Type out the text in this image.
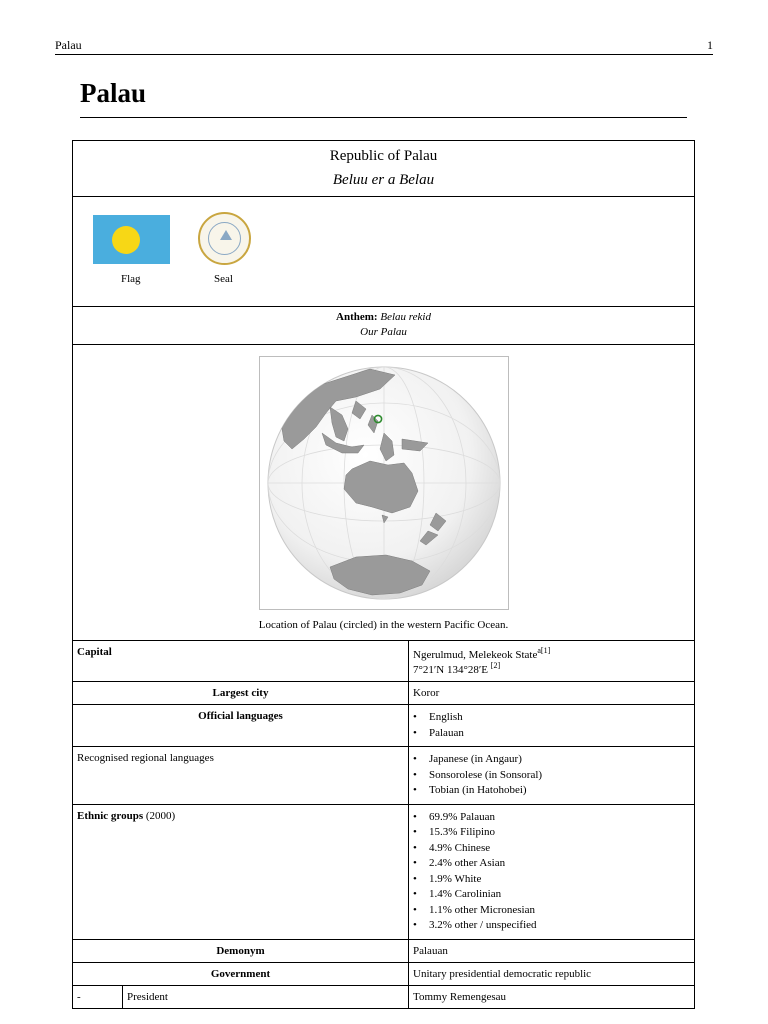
Palau	1
Palau
Republic of Palau
Beluu er a Belau
Flag	Seal
Anthem: Belau rekid
Our Palau
Location of Palau (circled) in the western Pacific Ocean.
Capital	Ngerulmud, Melekeok State$^{a[1]}$
7°21′N 134°28′E [2]
Largest city	Koror
Official languages	• English
• Palauan
Recognised regional languages	• Japanese (in Angaur)
• Sonsorolese (in Sonsoral)
• Tobian (in Hatohobei)
Ethnic groups (2000)	• 69.9% Palauan
• 15.3% Filipino
• 4.9% Chinese
• 2.4% other Asian
• 1.9% White
• 1.4% Carolinian
• 1.1% other Micronesian
• 3.2% other / unspecified
Demonym	Palauan
Government	Unitary presidential democratic republic
-	President	Tommy Remengesau
